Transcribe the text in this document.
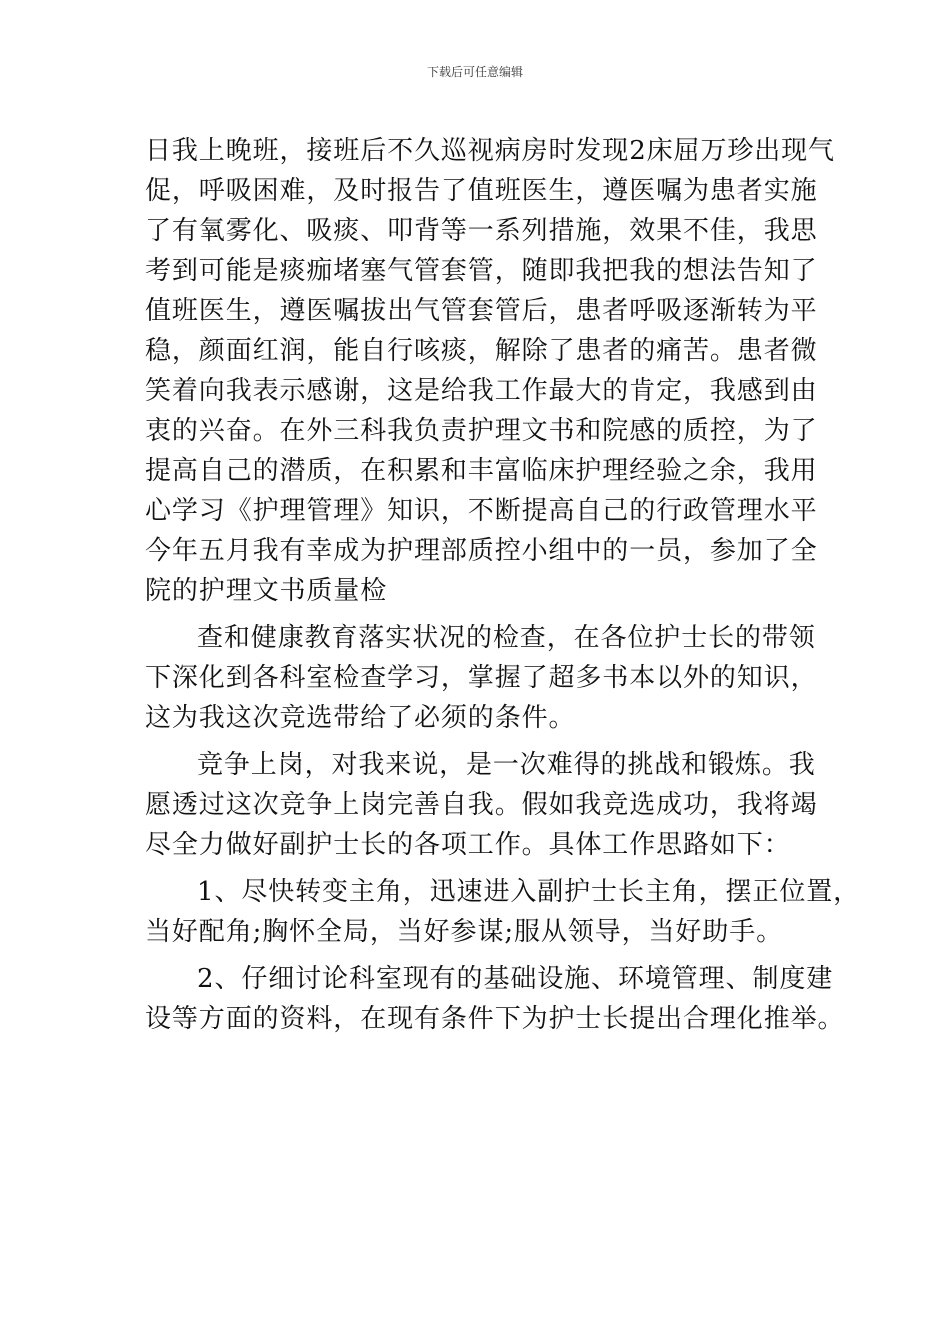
下载后可任意编辑
日我上晚班，接班后不久巡视病房时发现2床屈万珍出现气
促，呼吸困难，及时报告了值班医生，遵医嘱为患者实施
了有氧雾化、吸痰、叩背等一系列措施，效果不佳，我思
考到可能是痰痂堵塞气管套管，随即我把我的想法告知了
值班医生，遵医嘱拔出气管套管后，患者呼吸逐渐转为平
稳，颜面红润，能自行咳痰，解除了患者的痛苦。患者微
笑着向我表示感谢，这是给我工作最大的肯定，我感到由
衷的兴奋。在外三科我负责护理文书和院感的质控，为了
提高自己的潜质，在积累和丰富临床护理经验之余，我用
心学习《护理管理》知识，不断提高自己的行政管理水平
今年五月我有幸成为护理部质控小组中的一员，参加了全
院的护理文书质量检
查和健康教育落实状况的检查，在各位护士长的带领
下深化到各科室检查学习，掌握了超多书本以外的知识，
这为我这次竞选带给了必须的条件。
竞争上岗，对我来说，是一次难得的挑战和锻炼。我
愿透过这次竞争上岗完善自我。假如我竞选成功，我将竭
尽全力做好副护士长的各项工作。具体工作思路如下：
1、尽快转变主角，迅速进入副护士长主角，摆正位置，
当好配角;胸怀全局，当好参谋;服从领导，当好助手。
2、仔细讨论科室现有的基础设施、环境管理、制度建
设等方面的资料，在现有条件下为护士长提出合理化推举。
